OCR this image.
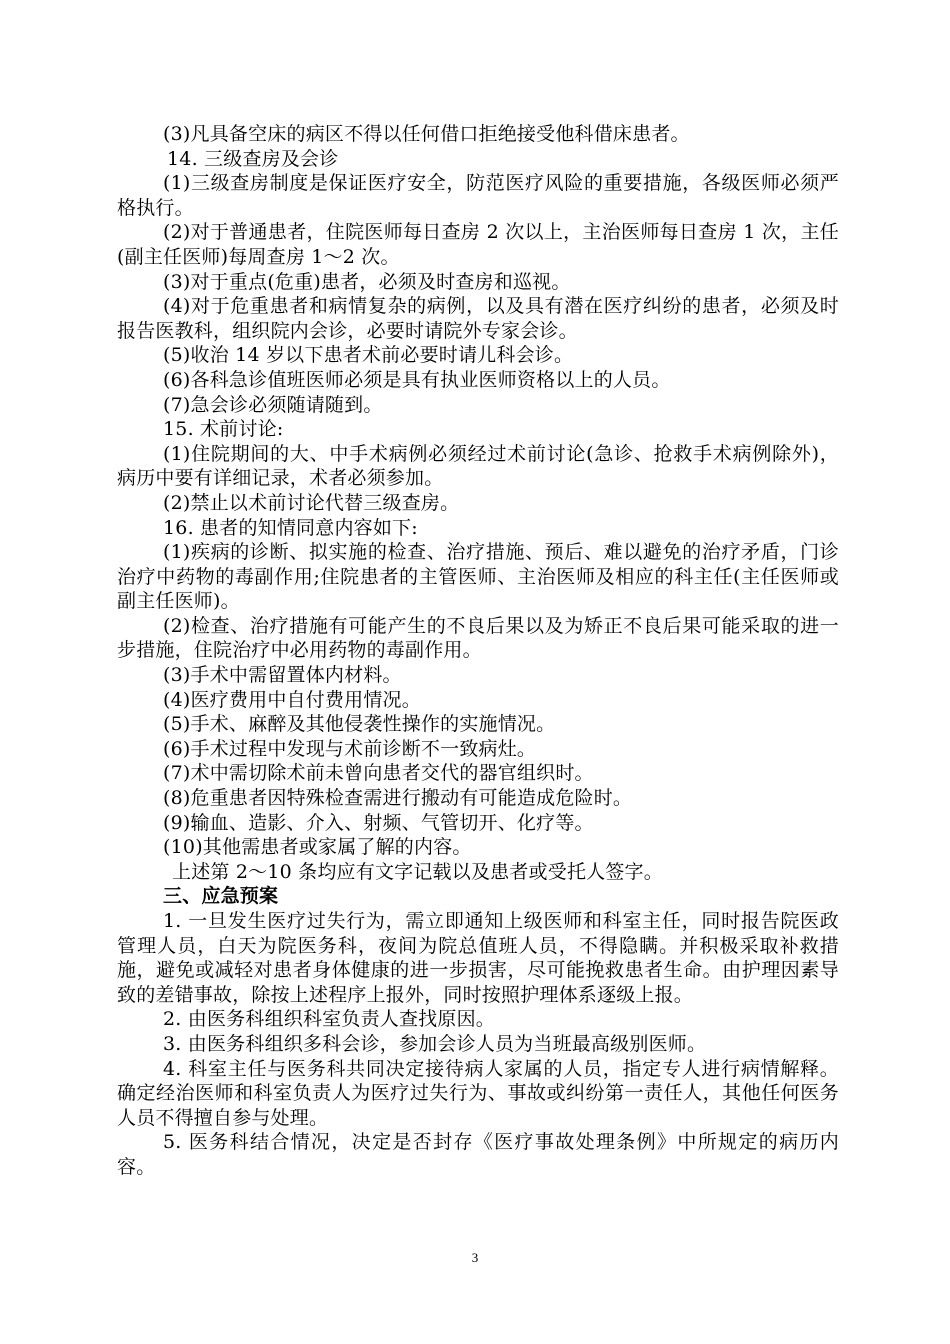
(3)凡具备空床的病区不得以任何借口拒绝接受他科借床患者。

14. 三级查房及会诊

(1)三级查房制度是保证医疗安全，防范医疗风险的重要措施，各级医师必须严格执行。

(2)对于普通患者，住院医师每日查房 2 次以上，主治医师每日查房 1 次，主任(副主任医师)每周查房 1～2 次。

(3)对于重点(危重)患者，必须及时查房和巡视。

(4)对于危重患者和病情复杂的病例，以及具有潜在医疗纠纷的患者，必须及时报告医教科，组织院内会诊，必要时请院外专家会诊。

(5)收治 14 岁以下患者术前必要时请儿科会诊。

(6)各科急诊值班医师必须是具有执业医师资格以上的人员。

(7)急会诊必须随请随到。

15. 术前讨论:

(1)住院期间的大、中手术病例必须经过术前讨论(急诊、抢救手术病例除外)，病历中要有详细记录，术者必须参加。

(2)禁止以术前讨论代替三级查房。

16. 患者的知情同意内容如下:

(1)疾病的诊断、拟实施的检查、治疗措施、预后、难以避免的治疗矛盾，门诊治疗中药物的毒副作用;住院患者的主管医师、主治医师及相应的科主任(主任医师或副主任医师)。

(2)检查、治疗措施有可能产生的不良后果以及为矫正不良后果可能采取的进一步措施，住院治疗中必用药物的毒副作用。

(3)手术中需留置体内材料。

(4)医疗费用中自付费用情况。

(5)手术、麻醉及其他侵袭性操作的实施情况。

(6)手术过程中发现与术前诊断不一致病灶。

(7)术中需切除术前未曾向患者交代的器官组织时。

(8)危重患者因特殊检查需进行搬动有可能造成危险时。

(9)输血、造影、介入、射频、气管切开、化疗等。

(10)其他需患者或家属了解的内容。

上述第 2～10 条均应有文字记载以及患者或受托人签字。

三、应急预案

1. 一旦发生医疗过失行为，需立即通知上级医师和科室主任，同时报告院医政管理人员，白天为院医务科，夜间为院总值班人员，不得隐瞒。并积极采取补救措施，避免或减轻对患者身体健康的进一步损害，尽可能挽救患者生命。由护理因素导致的差错事故，除按上述程序上报外，同时按照护理体系逐级上报。

2. 由医务科组织科室负责人查找原因。

3. 由医务科组织多科会诊，参加会诊人员为当班最高级别医师。

4. 科室主任与医务科共同决定接待病人家属的人员，指定专人进行病情解释。确定经治医师和科室负责人为医疗过失行为、事故或纠纷第一责任人，其他任何医务人员不得擅自参与处理。

5. 医务科结合情况，决定是否封存《医疗事故处理条例》中所规定的病历内容。

3
